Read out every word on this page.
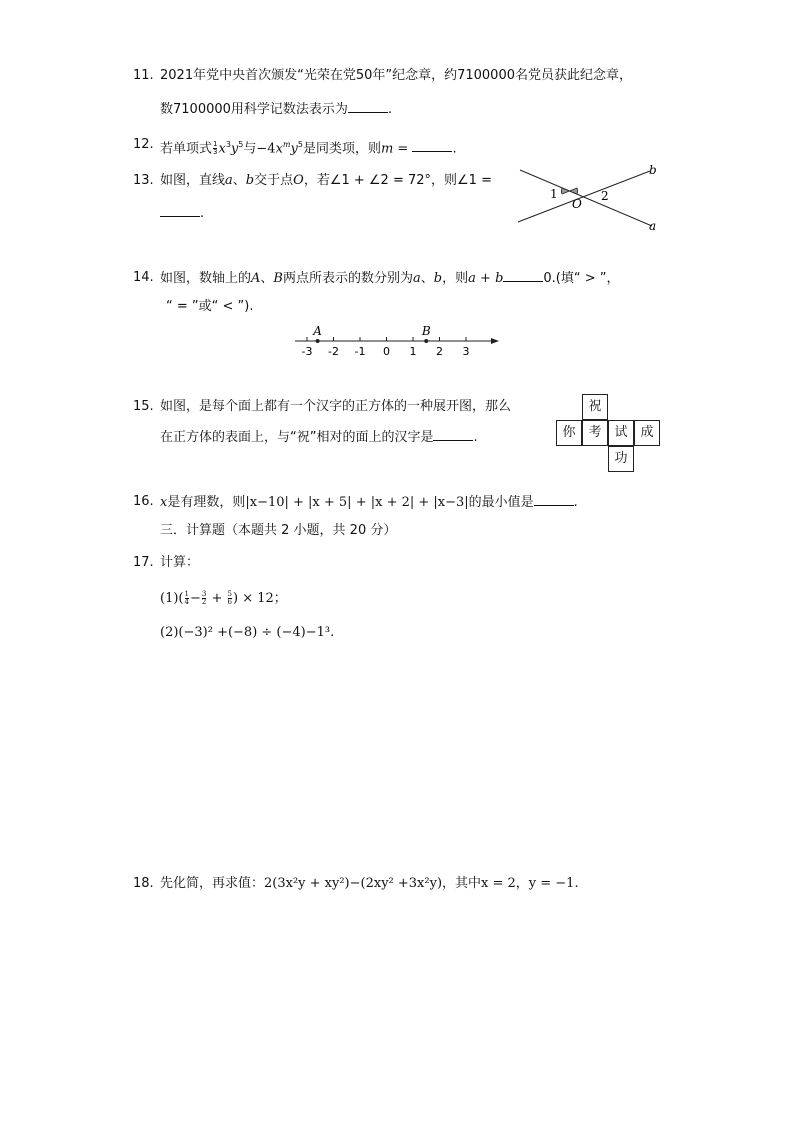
11. 2021年党中央首次颁发“光荣在党50年”纪念章，约7100000名党员获此纪念章，
数7100000用科学记数法表示为	.
12. 若单项式 $\frac{1}{3} x^3y^5$与$-4x^my^5$是同类项，则m =	.
13. 如图，直线a、b交于点O，若∠1 + ∠2 = 72°，则∠1 =
.
1	2
O
b
a
14. 如图，数轴上的A、B两点所表示的数分别为a、b，则a + b	0.(填“ > ”，
“ = ”或“ < ”).
-3 -2 -1 0 1 2 3
A	B
15. 如图，是每个面上都有一个汉字的正方体的一种展开图，那么
在正方体的表面上，与“祝”相对的面上的汉字是	.
祝
你 考 试 成
功
16. x是有理数，则|x−10| + |x + 5| + |x + 2| + |x−3|的最小值是	.
三．计算题（本题共 2 小题，共 20 分）
17. 计算：
$(1)( \frac{1}{4} - \frac{3}{2} + \frac{5}{6}$ ) × 12；
(2)(−3)² +(−8) ÷ (−4)−1³.
18. 先化简，再求值：2(3x²y + xy²)−(2xy² +3x²y)，其中x = 2，y = −1.
